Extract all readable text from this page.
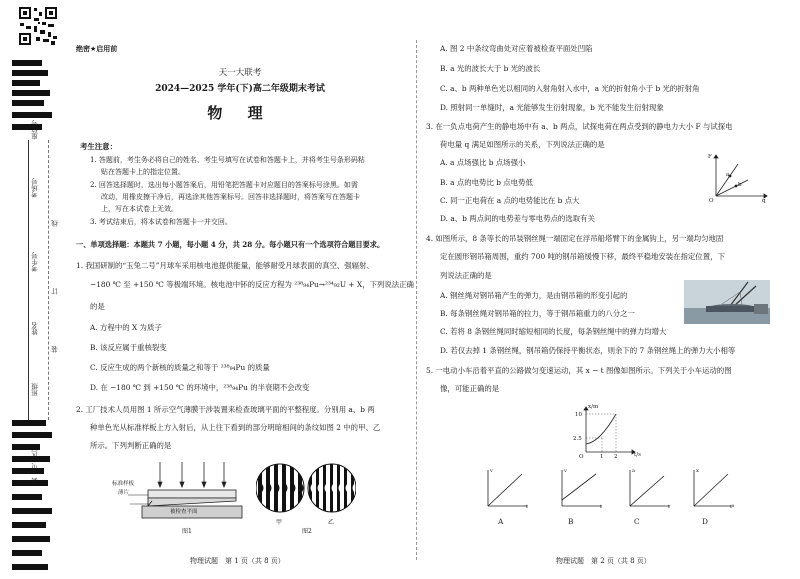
座位号
考场号
考生号
姓名
班级
县（市、区）
线
订
装
绝密★启用前
天一大联考
2024—2025 学年(下)高二年级期末考试
物 理
考生注意：
1. 答题前，考生务必将自己的姓名、考生号填写在试卷和答题卡上，并将考生号条形码粘
贴在答题卡上的指定位置。
2. 回答选择题时，选出每小题答案后，用铅笔把答题卡对应题目的答案标号涂黑。如需
改动，用橡皮擦干净后，再选涂其他答案标号。回答非选择题时，将答案写在答题卡
上，写在本试卷上无效。
3. 考试结束后，将本试卷和答题卡一并交回。
一、单项选择题：本题共 7 小题，每小题 4 分，共 28 分。每小题只有一个选项符合题目要求。
1. 我国研制的“玉兔二号”月球车采用核电池提供能量，能够耐受月球表面的真空、强辐射、
−180 ℃ 至 +150 ℃ 等极端环境。核电池中钚的反应方程为 ²³⁸₉₄Pu→²³⁴₉₂U + X，下列说法正确
的是
A. 方程中的 X 为质子
B. 该反应属于重核裂变
C. 反应生成的两个新核的质量之和等于 ²³⁸₉₄Pu 的质量
D. 在 −180 ℃ 到 +150 ℃ 的环境中，²³⁸₉₄Pu 的半衰期不会改变
2. 工厂技术人员用图 1 所示空气薄膜干涉装置来检查玻璃平面的平整程度。分别用 a、b 两
种单色光从标准样板上方入射后，从上往下看到的部分明暗相间的条纹如图 2 中的甲、乙
所示。下列判断正确的是
标准样板
薄片
被检查平面
图1
甲	乙
图2
物理试题　第 1 页（共 8 页）
A. 图 2 中条纹弯曲处对应着被检查平面处凹陷
B. a 光的波长大于 b 光的波长
C. a、b 两种单色光以相同的入射角射入水中，a 光的折射角小于 b 光的折射角
D. 照射同一单缝时，a 光能够发生衍射现象，b 光不能发生衍射现象
3. 在一负点电荷产生的静电场中有 a、b 两点，试探电荷在两点受到的静电力大小 F 与试探电
荷电量 q 满足如图所示的关系，下列说法正确的是
A. a 点场强比 b 点场强小
B. a 点的电势比 b 点电势低
C. 同一正电荷在 a 点的电势能比在 b 点大
D. a、b 两点间的电势差与零电势点的选取有关
F
O	q
a
b
4. 如图所示，8 条等长的吊装钢丝绳一端固定在浮吊船塔臂下的金属钩上，另一端均匀地固
定在圆形钢吊箱周围，重约 700 吨的钢吊箱缓慢下移，最终平稳地安装在指定位置，下
列说法正确的是
A. 钢丝绳对钢吊箱产生的弹力，是由钢吊箱的形变引起的
B. 每条钢丝绳对钢吊箱的拉力，等于钢吊箱重力的八分之一
C. 若将 8 条钢丝绳同时缩短相同的长度，每条钢丝绳中的弹力均增大
D. 若仅去掉 1 条钢丝绳，钢吊箱仍保持平衡状态，则余下的 7 条钢丝绳上的弹力大小相等
5. 一电动小车沿着平直的公路做匀变速运动，其 x − t 图像如图所示。下列关于小车运动的图
像，可能正确的是
x/m
t/s
O	1 2
2.5
10
v
t
v
t
a
t
x
t²
A	B	C	D
物理试题　第 2 页（共 8 页）
